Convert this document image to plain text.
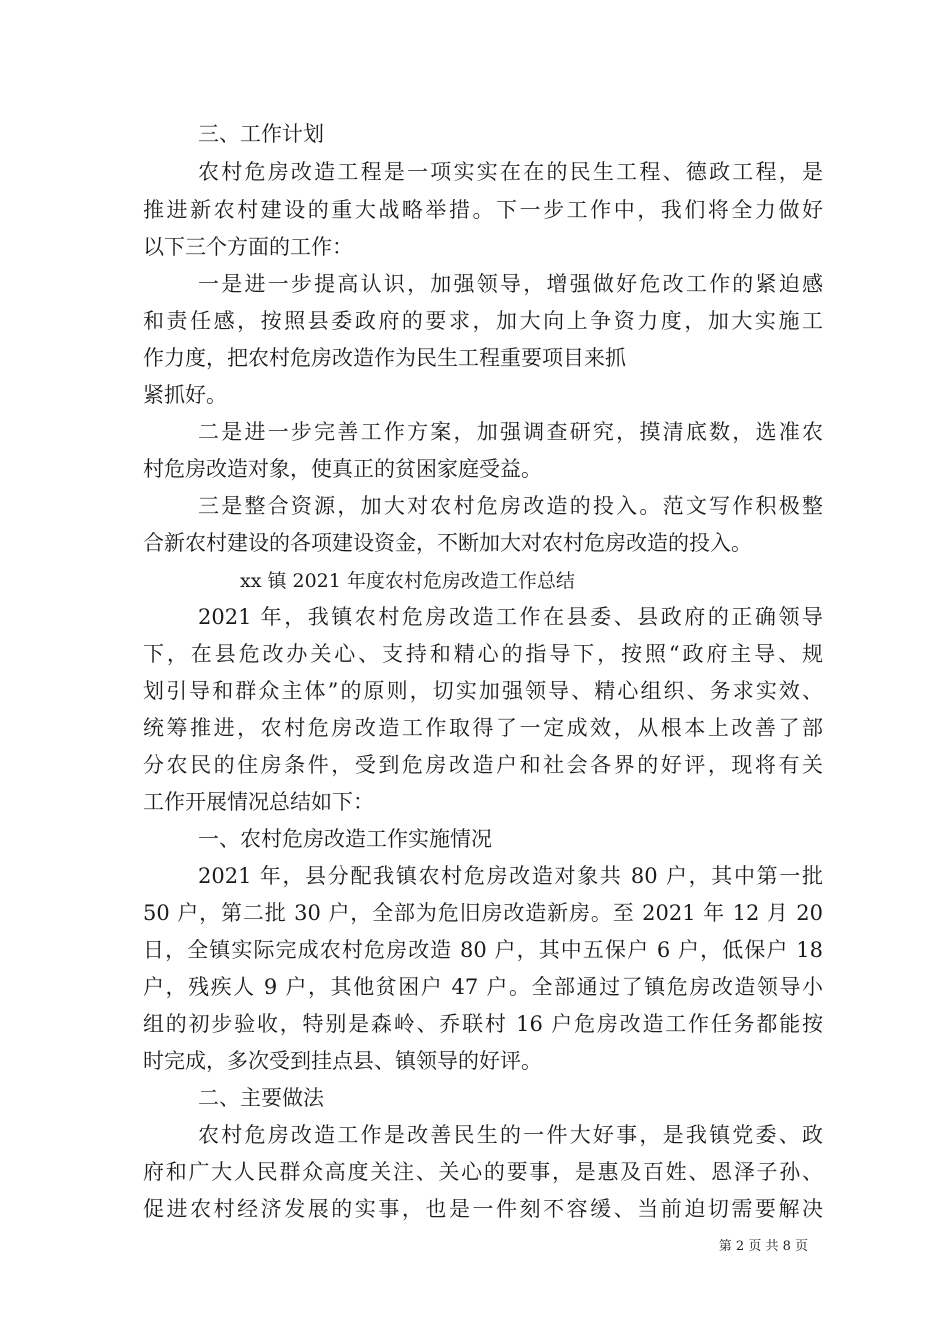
三、工作计划
农村危房改造工程是一项实实在在的民生工程、德政工程，是
推进新农村建设的重大战略举措。下一步工作中，我们将全力做好
以下三个方面的工作：
一是进一步提高认识，加强领导，增强做好危改工作的紧迫感
和责任感，按照县委政府的要求，加大向上争资力度，加大实施工
作力度，把农村危房改造作为民生工程重要项目来抓
紧抓好。
二是进一步完善工作方案，加强调查研究，摸清底数，选准农
村危房改造对象，使真正的贫困家庭受益。
三是整合资源，加大对农村危房改造的投入。范文写作积极整
合新农村建设的各项建设资金，不断加大对农村危房改造的投入。
xx 镇 2021 年度农村危房改造工作总结
2021 年，我镇农村危房改造工作在县委、县政府的正确领导
下，在县危改办关心、支持和精心的指导下，按照“政府主导、规
划引导和群众主体”的原则，切实加强领导、精心组织、务求实效、
统筹推进，农村危房改造工作取得了一定成效，从根本上改善了部
分农民的住房条件，受到危房改造户和社会各界的好评，现将有关
工作开展情况总结如下：
一、农村危房改造工作实施情况
2021 年，县分配我镇农村危房改造对象共 80 户，其中第一批
50 户，第二批 30 户，全部为危旧房改造新房。至 2021 年 12 月 20
日，全镇实际完成农村危房改造 80 户，其中五保户 6 户，低保户 18
户，残疾人 9 户，其他贫困户 47 户。全部通过了镇危房改造领导小
组的初步验收，特别是森岭、乔联村 16 户危房改造工作任务都能按
时完成，多次受到挂点县、镇领导的好评。
二、主要做法
农村危房改造工作是改善民生的一件大好事，是我镇党委、政
府和广大人民群众高度关注、关心的要事，是惠及百姓、恩泽子孙、
促进农村经济发展的实事，也是一件刻不容缓、当前迫切需要解决
第 2 页 共 8 页
